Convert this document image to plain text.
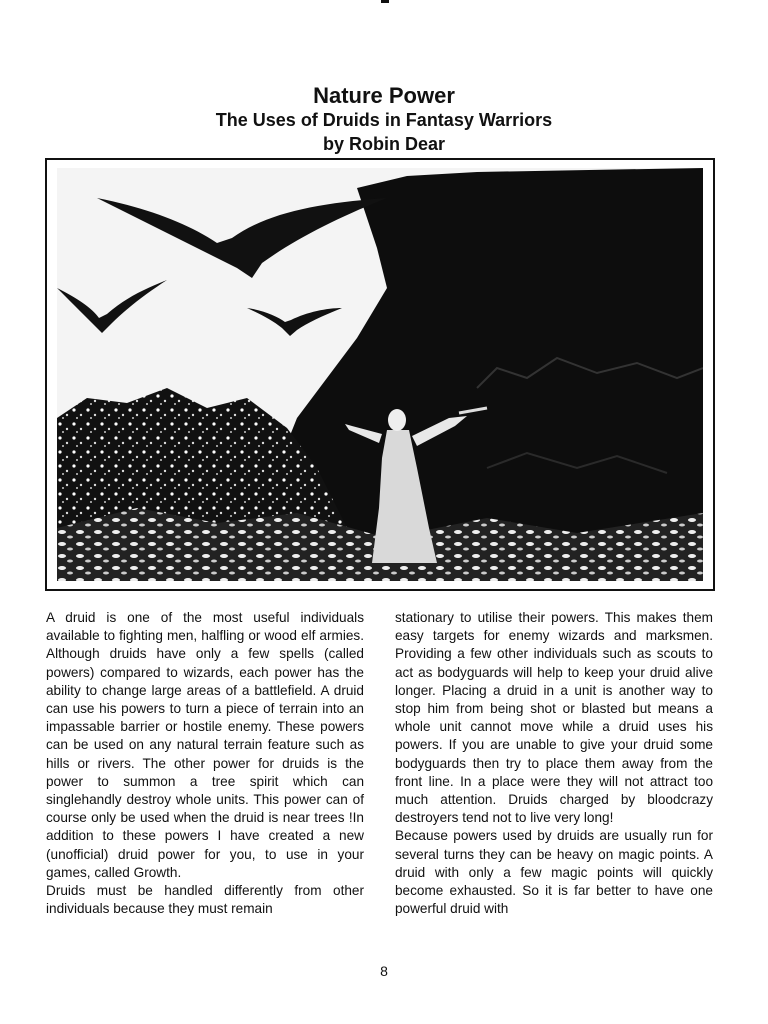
Nature Power
The Uses of Druids in Fantasy Warriors
by Robin Dear

A druid is one of the most useful individuals available to fighting men, halfling or wood elf armies. Although druids have only a few spells (called powers) compared to wizards, each power has the ability to change large areas of a battlefield. A druid can use his powers to turn a piece of terrain into an impassable barrier or hostile enemy. These powers can be used on any natural terrain feature such as hills or rivers. The other power for druids is the power to summon a tree spirit which can singlehandly destroy whole units. This power can of course only be used when the druid is near trees !In addition to these powers I have created a new (unofficial) druid power for you, to use in your games, called Growth.

Druids must be handled differently from other individuals because they must remain

stationary to utilise their powers. This makes them easy targets for enemy wizards and marksmen. Providing a few other individuals such as scouts to act as bodyguards will help to keep your druid alive longer. Placing a druid in a unit is another way to stop him from being shot or blasted but means a whole unit cannot move while a druid uses his powers. If you are unable to give your druid some bodyguards then try to place them away from the front line. In a place were they will not attract too much attention. Druids charged by bloodcrazy destroyers tend not to live very long!

Because powers used by druids are usually run for several turns they can be heavy on magic points. A druid with only a few magic points will quickly become exhausted. So it is far better to have one powerful druid with

8
